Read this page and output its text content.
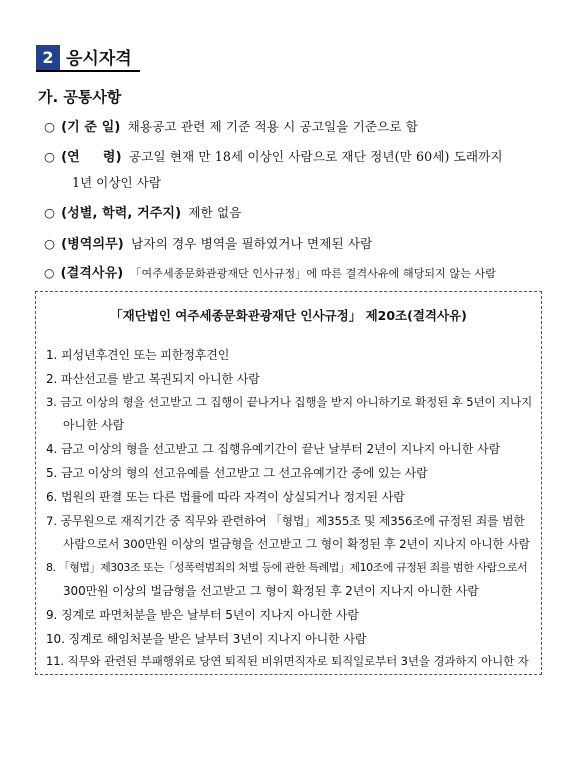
2 응시자격
가. 공통사항
○ (기 준 일) 채용공고 관련 제 기준 적용 시 공고일을 기준으로 함
○ (연     령) 공고일 현재 만 18세 이상인 사람으로 재단 정년(만 60세) 도래까지
1년 이상인 사람
○ (성별, 학력, 거주지) 제한 없음
○ (병역의무) 남자의 경우 병역을 필하였거나 면제된 사람
○ (결격사유) 「여주세종문화관광재단 인사규정」에 따른 결격사유에 해당되지 않는 사람
「재단법인 여주세종문화관광재단 인사규정」 제20조(결격사유)
1. 피성년후견인 또는 피한정후견인
2. 파산선고를 받고 복권되지 아니한 사람
3. 금고 이상의 형을 선고받고 그 집행이 끝나거나 집행을 받지 아니하기로 확정된 후 5년이 지나지
아니한 사람
4. 금고 이상의 형을 선고받고 그 집행유예기간이 끝난 날부터 2년이 지나지 아니한 사람
5. 금고 이상의 형의 선고유예를 선고받고 그 선고유예기간 중에 있는 사람
6. 법원의 판결 또는 다른 법률에 따라 자격이 상실되거나 정지된 사람
7. 공무원으로 재직기간 중 직무와 관련하여 「형법」제355조 및 제356조에 규정된 죄를 범한
사람으로서 300만원 이상의 벌금형을 선고받고 그 형이 확정된 후 2년이 지나지 아니한 사람
8. 「형법」제303조 또는「성폭력범죄의 처벌 등에 관한 특례법」제10조에 규정된 죄를 범한 사람으로서
300만원 이상의 벌금형을 선고받고 그 형이 확정된 후 2년이 지나지 아니한 사람
9. 징계로 파면처분을 받은 날부터 5년이 지나지 아니한 사람
10. 징계로 해임처분을 받은 날부터 3년이 지나지 아니한 사람
11. 직무와 관련된 부패행위로 당연 퇴직된 비위면직자로 퇴직일로부터 3년을 경과하지 아니한 자
